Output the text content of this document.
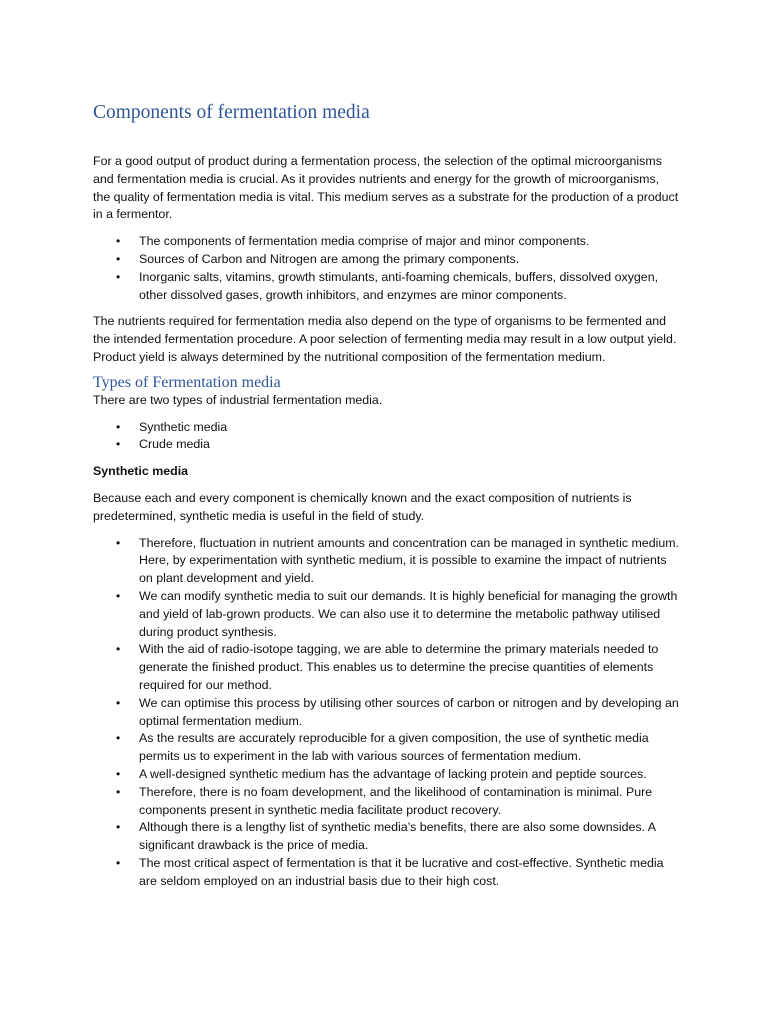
Components of fermentation media

For a good output of product during a fermentation process, the selection of the optimal microorganisms and fermentation media is crucial. As it provides nutrients and energy for the growth of microorganisms, the quality of fermentation media is vital. This medium serves as a substrate for the production of a product in a fermentor.

• The components of fermentation media comprise of major and minor components.
• Sources of Carbon and Nitrogen are among the primary components.
• Inorganic salts, vitamins, growth stimulants, anti-foaming chemicals, buffers, dissolved oxygen, other dissolved gases, growth inhibitors, and enzymes are minor components.

The nutrients required for fermentation media also depend on the type of organisms to be fermented and the intended fermentation procedure. A poor selection of fermenting media may result in a low output yield. Product yield is always determined by the nutritional composition of the fermentation medium.

Types of Fermentation media

There are two types of industrial fermentation media.

• Synthetic media
• Crude media

Synthetic media

Because each and every component is chemically known and the exact composition of nutrients is predetermined, synthetic media is useful in the field of study.

• Therefore, fluctuation in nutrient amounts and concentration can be managed in synthetic medium. Here, by experimentation with synthetic medium, it is possible to examine the impact of nutrients on plant development and yield.
• We can modify synthetic media to suit our demands. It is highly beneficial for managing the growth and yield of lab-grown products. We can also use it to determine the metabolic pathway utilised during product synthesis.
• With the aid of radio-isotope tagging, we are able to determine the primary materials needed to generate the finished product. This enables us to determine the precise quantities of elements required for our method.
• We can optimise this process by utilising other sources of carbon or nitrogen and by developing an optimal fermentation medium.
• As the results are accurately reproducible for a given composition, the use of synthetic media permits us to experiment in the lab with various sources of fermentation medium.
• A well-designed synthetic medium has the advantage of lacking protein and peptide sources.
• Therefore, there is no foam development, and the likelihood of contamination is minimal. Pure components present in synthetic media facilitate product recovery.
• Although there is a lengthy list of synthetic media’s benefits, there are also some downsides. A significant drawback is the price of media.
• The most critical aspect of fermentation is that it be lucrative and cost-effective. Synthetic media are seldom employed on an industrial basis due to their high cost.
